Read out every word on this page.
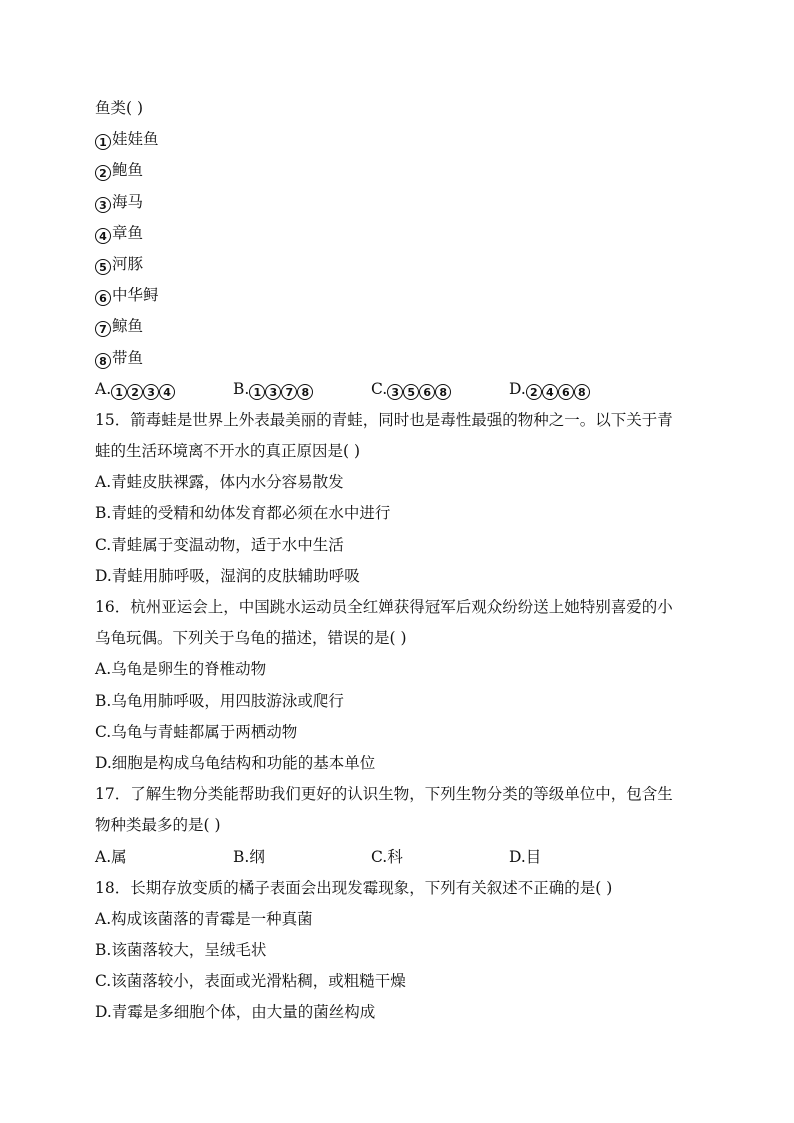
鱼类( )
1 娃娃鱼
2 鲍鱼
3 海马
4 章鱼
5 河豚
6 中华鲟
7 鲸鱼
8 带鱼
A. 1 2 3 4	B. 1 3 7 8	C. 3 5 6 8	D. 2 4 6 8
15．箭毒蛙是世界上外表最美丽的青蛙，同时也是毒性最强的物种之一。以下关于青
蛙的生活环境离不开水的真正原因是( )
A.青蛙皮肤裸露，体内水分容易散发
B.青蛙的受精和幼体发育都必须在水中进行
C.青蛙属于变温动物，适于水中生活
D.青蛙用肺呼吸，湿润的皮肤辅助呼吸
16．杭州亚运会上，中国跳水运动员全红婵获得冠军后观众纷纷送上她特别喜爱的小
乌龟玩偶。下列关于乌龟的描述，错误的是( )
A.乌龟是卵生的脊椎动物
B.乌龟用肺呼吸，用四肢游泳或爬行
C.乌龟与青蛙都属于两栖动物
D.细胞是构成乌龟结构和功能的基本单位
17．了解生物分类能帮助我们更好的认识生物，下列生物分类的等级单位中，包含生
物种类最多的是( )
A.属	B.纲	C.科	D.目
18．长期存放变质的橘子表面会出现发霉现象，下列有关叙述不正确的是( )
A.构成该菌落的青霉是一种真菌
B.该菌落较大，呈绒毛状
C.该菌落较小，表面或光滑粘稠，或粗糙干燥
D.青霉是多细胞个体，由大量的菌丝构成
